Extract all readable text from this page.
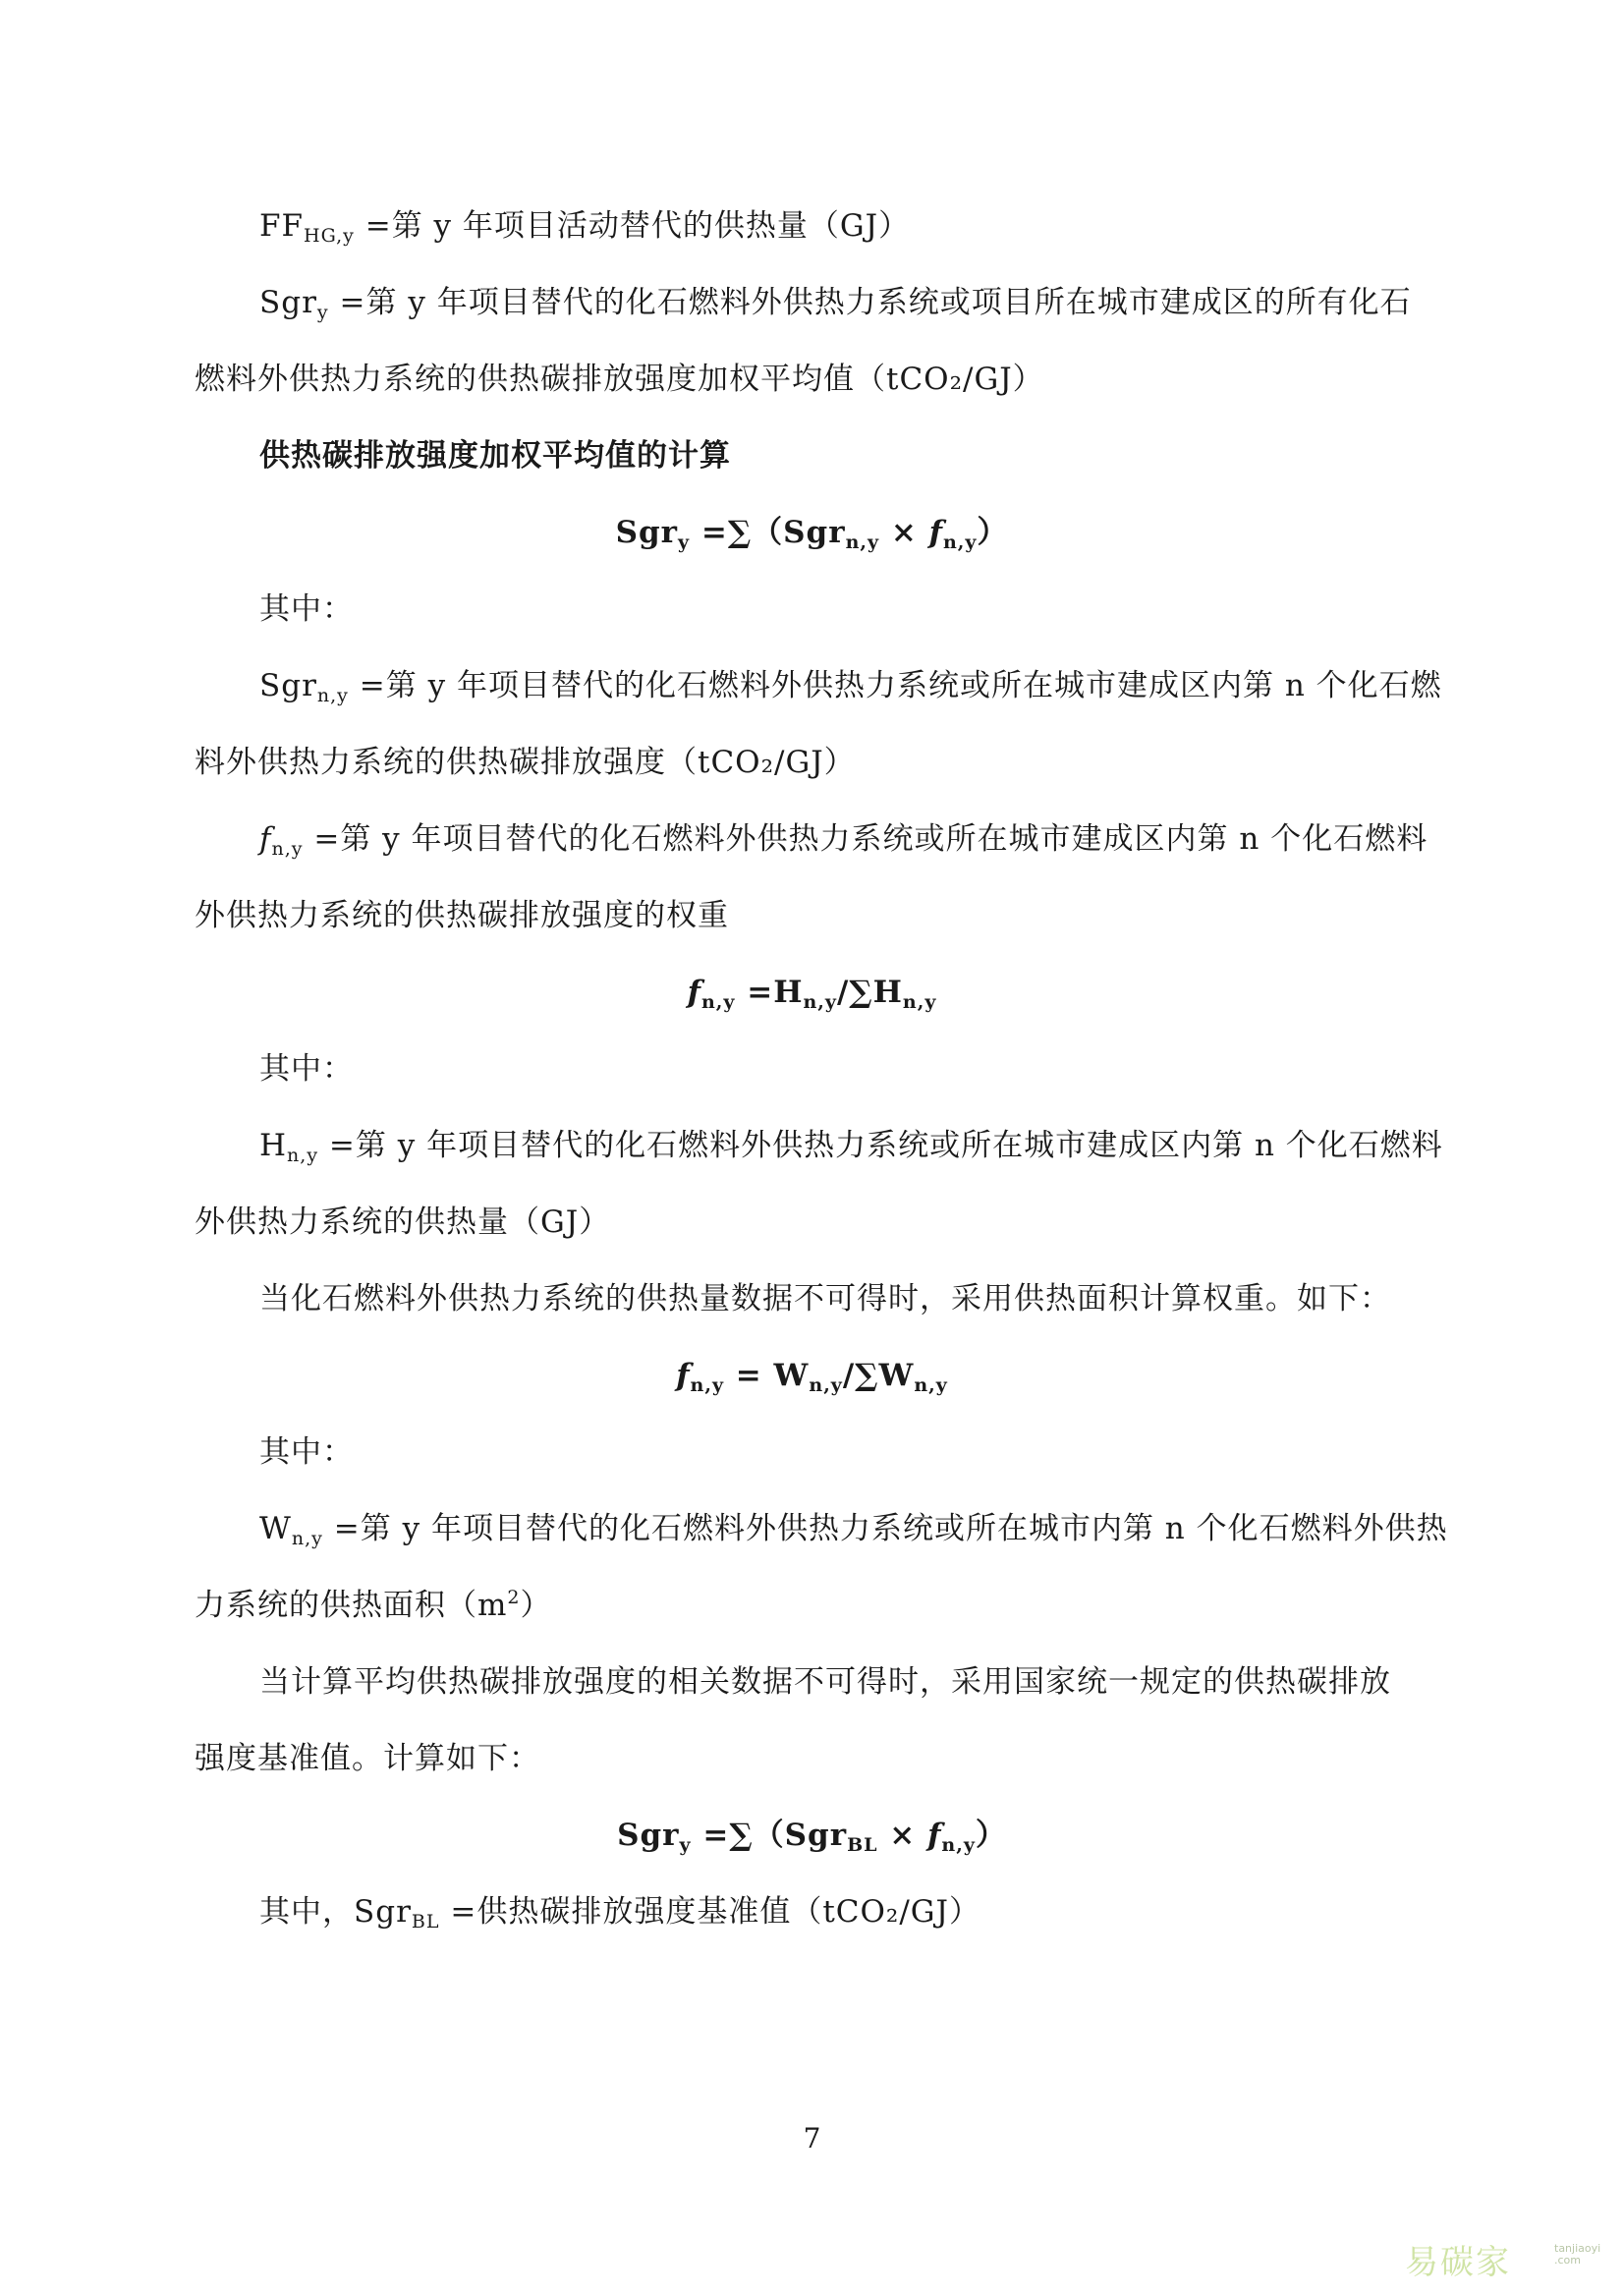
$FF_{HG,y}$ =第 y 年项目活动替代的供热量（GJ）
Sgr$_y$ =第 y 年项目替代的化石燃料外供热力系统或项目所在城市建成区的所有化石
燃料外供热力系统的供热碳排放强度加权平均值（tCO₂/GJ）
供热碳排放强度加权平均值的计算
$Sgr_y =\sum(Sgr_{n,y} \times f_{n,y})$
其中：
Sgr$_{n,y}$ =第 y 年项目替代的化石燃料外供热力系统或所在城市建成区内第 n 个化石燃
料外供热力系统的供热碳排放强度（tCO₂/GJ）
$f_{n,y}$ =第 y 年项目替代的化石燃料外供热力系统或所在城市建成区内第 n 个化石燃料
外供热力系统的供热碳排放强度的权重
$f_{n,y} =H_{n,y}/\sum H_{n,y}$
其中：
$H_{n,y}$ =第 y 年项目替代的化石燃料外供热力系统或所在城市建成区内第 n 个化石燃料
外供热力系统的供热量（GJ）
当化石燃料外供热力系统的供热量数据不可得时，采用供热面积计算权重。如下：
$f_{n,y} = W_{n,y}/\sum W_{n,y}$
其中：
$W_{n,y}$ =第 y 年项目替代的化石燃料外供热力系统或所在城市内第 n 个化石燃料外供热
力系统的供热面积$(m^2)$
当计算平均供热碳排放强度的相关数据不可得时，采用国家统一规定的供热碳排放
强度基准值。计算如下：
$Sgr_y =\sum(Sgr_{BL} \times f_{n,y})$
其中，Sgr$_{BL}$ =供热碳排放强度基准值（tCO₂/GJ）
7
易碳家	tanjiaoyi
.com
